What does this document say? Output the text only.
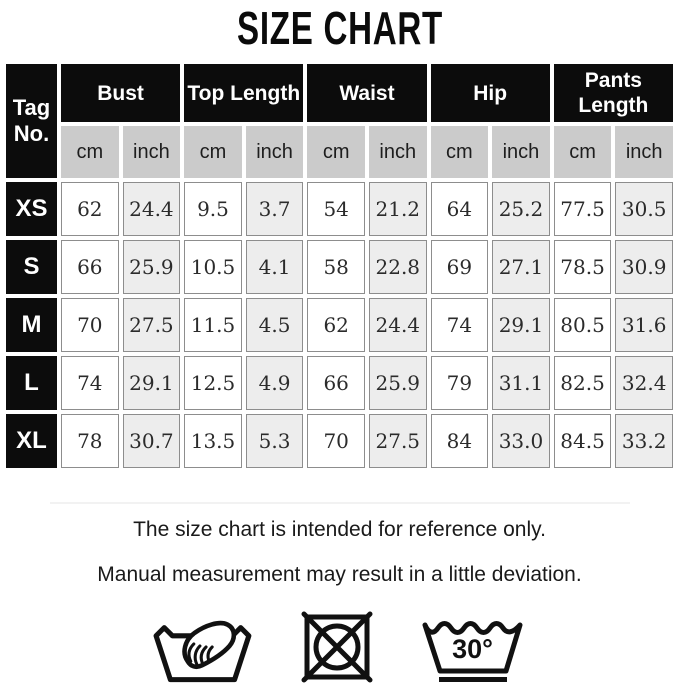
SIZE CHART
Tag No.	Bust		Top Length		Waist		Hip		Pants Length	
	cm	inch	cm	inch	cm	inch	cm	inch	cm	inch
XS	62	24.4	9.5	3.7	54	21.2	64	25.2	77.5	30.5
S	66	25.9	10.5	4.1	58	22.8	69	27.1	78.5	30.9
M	70	27.5	11.5	4.5	62	24.4	74	29.1	80.5	31.6
L	74	29.1	12.5	4.9	66	25.9	79	31.1	82.5	32.4
XL	78	30.7	13.5	5.3	70	27.5	84	33.0	84.5	33.2

The size chart is intended for reference only.

Manual measurement may result in a little deviation.

30°
